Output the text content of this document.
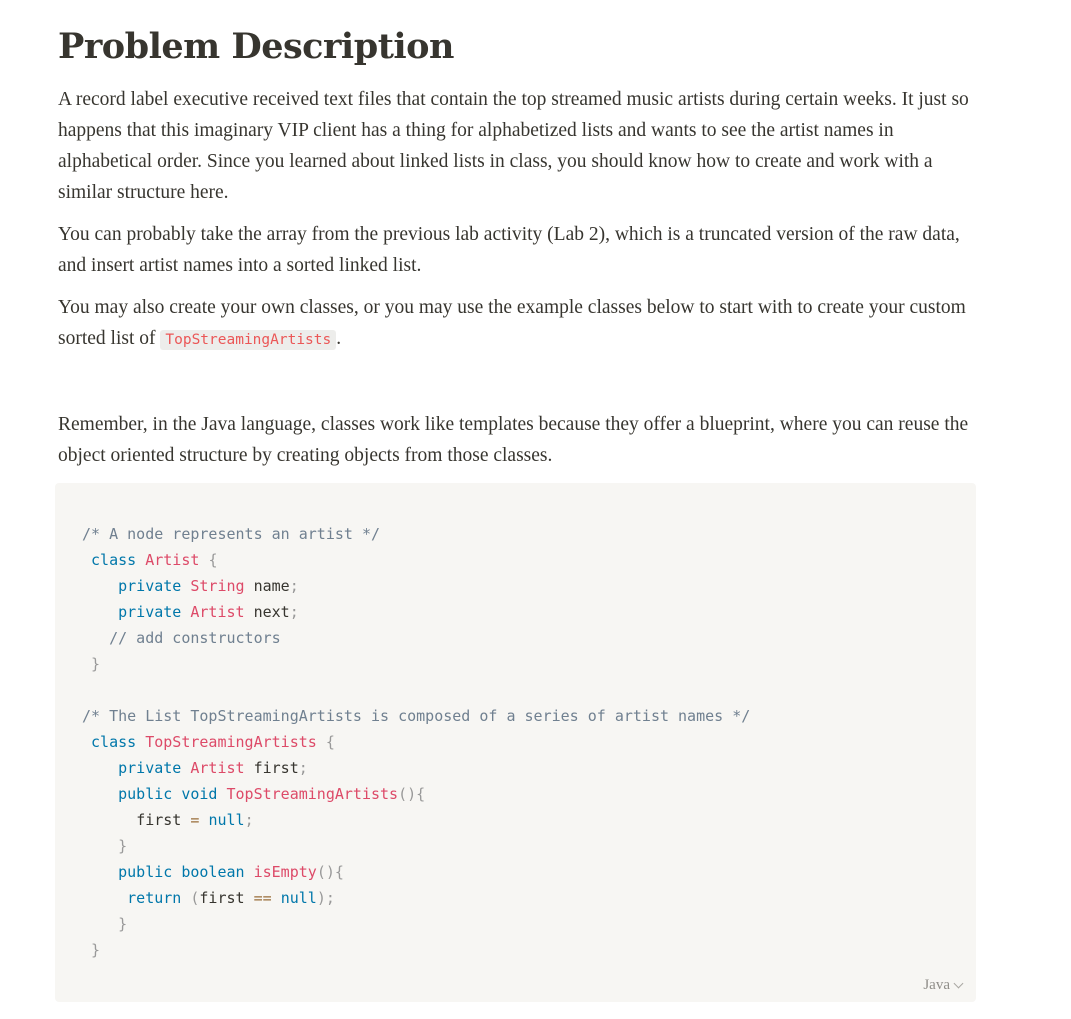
Problem Description

A record label executive received text files that contain the top streamed music artists during certain weeks. It just so happens that this imaginary VIP client has a thing for alphabetized lists and wants to see the artist names in alphabetical order. Since you learned about linked lists in class, you should know how to create and work with a similar structure here.

You can probably take the array from the previous lab activity (Lab 2), which is a truncated version of the raw data, and insert artist names into a sorted linked list.

You may also create your own classes, or you may use the example classes below to start with to create your custom sorted list of TopStreamingArtists .

Remember, in the Java language, classes work like templates because they offer a blueprint, where you can reuse the object oriented structure by creating objects from those classes.

/* A node represents an artist */
class Artist {
private String name;
private Artist next;
// add constructors
}

/* The List TopStreamingArtists is composed of a series of artist names */
class TopStreamingArtists {
private Artist first;
public void TopStreamingArtists(){
first = null;
}
public boolean isEmpty(){
return (first == null);
}
}
Java
